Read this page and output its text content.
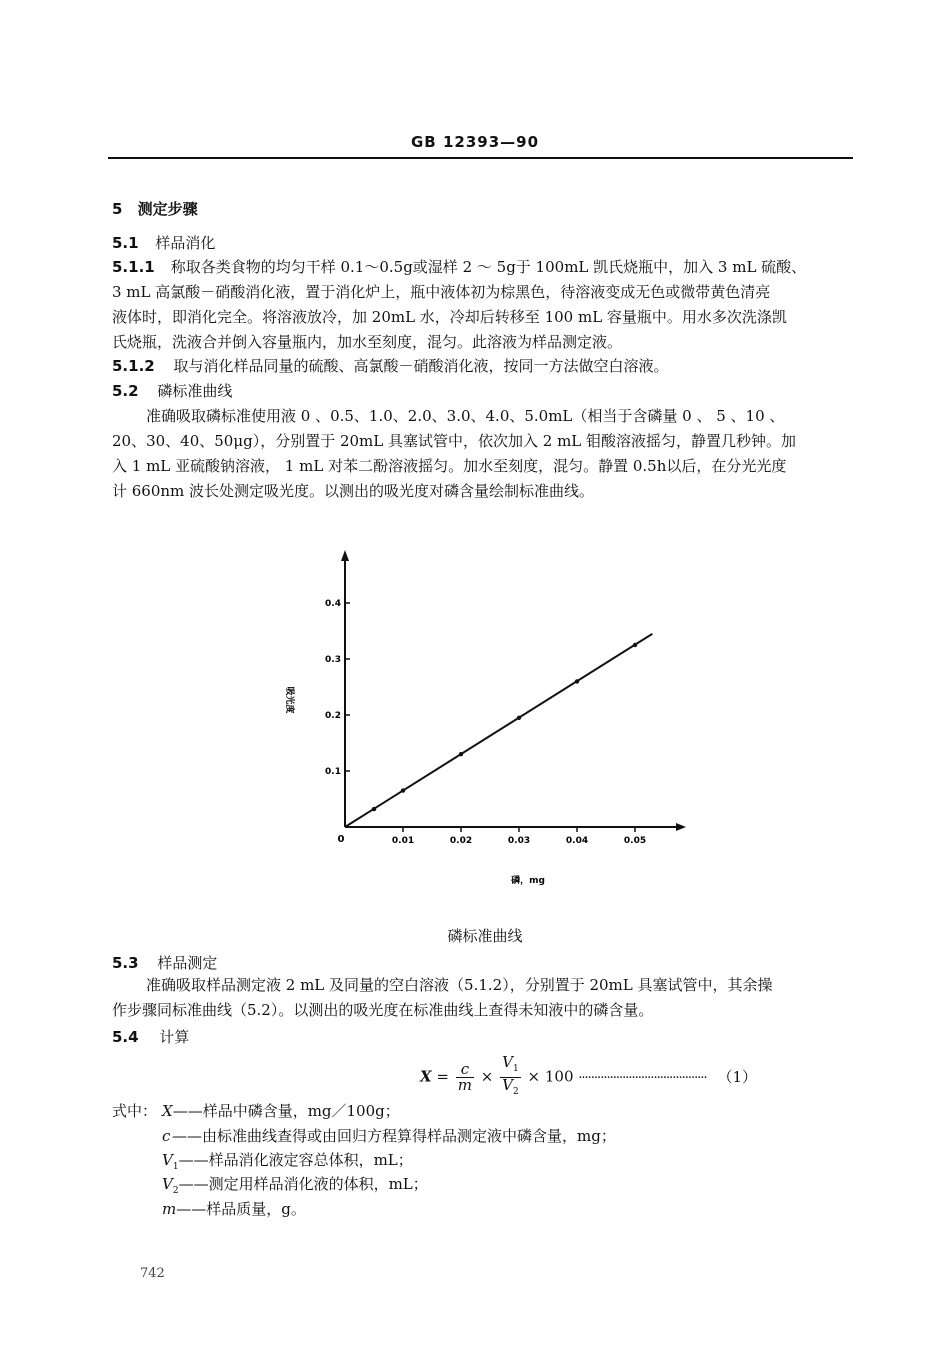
GB 12393—90
5 测定步骤
5.1 样品消化
5.1.1 称取各类食物的均匀干样 0.1～0.5g或湿样 2 ～ 5g于 100mL 凯氏烧瓶中，加入 3 mL 硫酸、
3 mL 高氯酸－硝酸消化液，置于消化炉上，瓶中液体初为棕黑色，待溶液变成无色或微带黄色清亮
液体时，即消化完全。将溶液放冷，加 20mL 水，冷却后转移至 100 mL 容量瓶中。用水多次洗涤凯
氏烧瓶，洗液合并倒入容量瓶内，加水至刻度，混匀。此溶液为样品测定液。
5.1.2 取与消化样品同量的硫酸、高氯酸－硝酸消化液，按同一方法做空白溶液。
5.2 磷标准曲线
准确吸取磷标准使用液 0 、0.5、1.0、2.0、3.0、4.0、5.0mL（相当于含磷量 0 、 5 、10 、
20、30、40、50μg），分别置于 20mL 具塞试管中，依次加入 2 mL 钼酸溶液摇匀，静置几秒钟。加
入 1 mL 亚硫酸钠溶液， 1 mL 对苯二酚溶液摇匀。加水至刻度，混匀。静置 0.5h以后，在分光光度
计 660nm 波长处测定吸光度。以测出的吸光度对磷含量绘制标准曲线。
0	0.01	0.02	0.03	0.04	0.05
0.1
0.2
0.3
0.4
磷，mg
吸光度
磷标准曲线
5.3 样品测定
准确吸取样品测定液 2 mL 及同量的空白溶液（5.1.2），分别置于 20mL 具塞试管中，其余操
作步骤同标准曲线（5.2）。以测出的吸光度在标准曲线上查得未知液中的磷含量。
5.4 计算
$X = \frac{c}{m} \times \frac{V_1}{V_2} \times 100$ ········································· （1）
式中： X——样品中磷含量，mg／100g；
c ——由标准曲线查得或由回归方程算得样品测定液中磷含量，mg；
$V_1——$样品消化液定容总体积，mL；
$V_2——$测定用样品消化液的体积，mL；
m——样品质量，g。
742
